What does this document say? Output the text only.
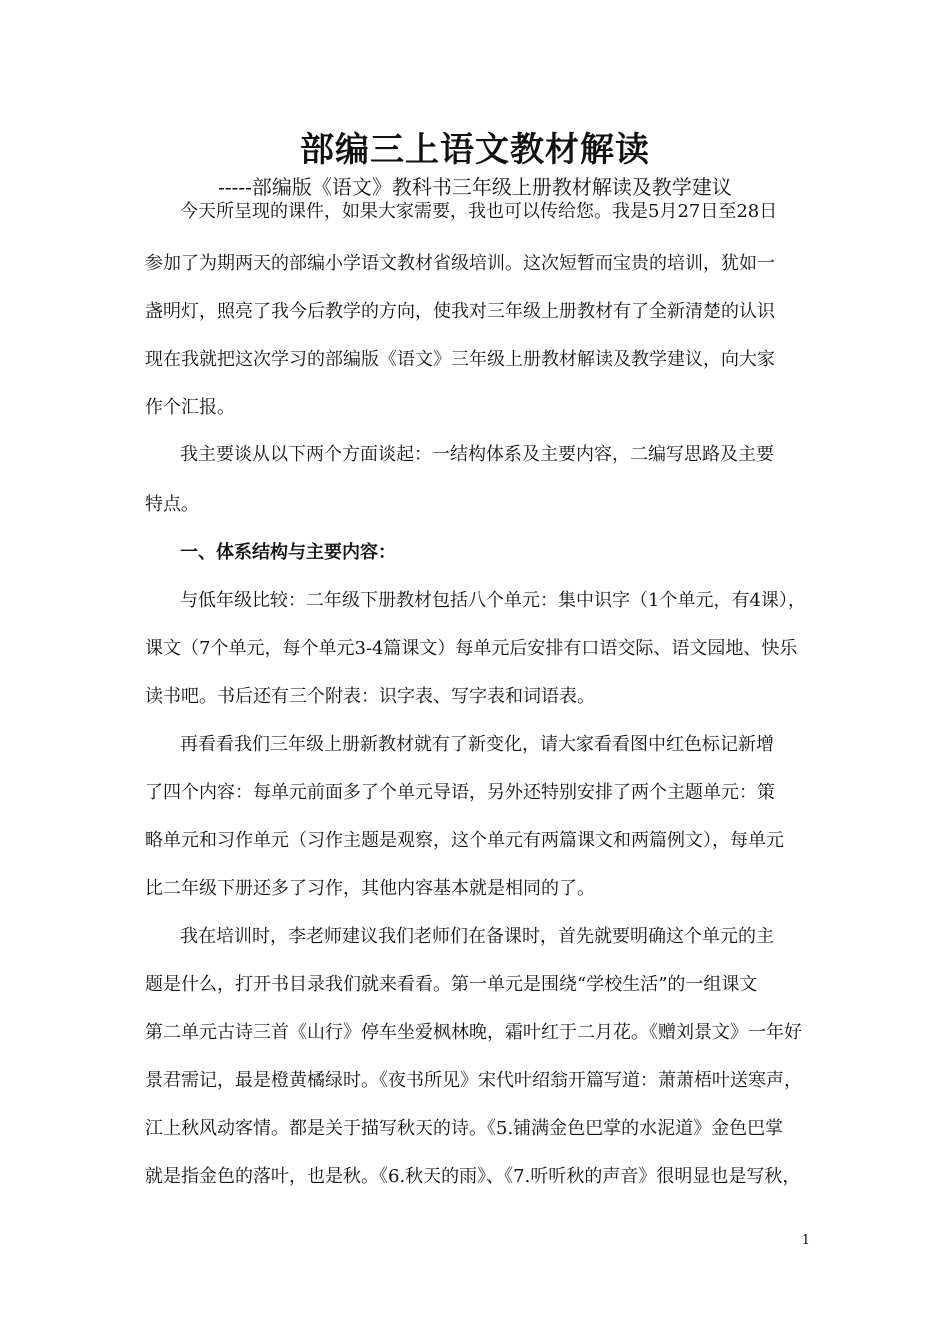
部编三上语文教材解读
-----部编版《语文》教科书三年级上册教材解读及教学建议
今天所呈现的课件，如果大家需要，我也可以传给您。我是5月27日至28日
参加了为期两天的部编小学语文教材省级培训。这次短暂而宝贵的培训，犹如一
盏明灯，照亮了我今后教学的方向，使我对三年级上册教材有了全新清楚的认识
现在我就把这次学习的部编版《语文》三年级上册教材解读及教学建议，向大家
作个汇报。
我主要谈从以下两个方面谈起：一结构体系及主要内容，二编写思路及主要
特点。
一、体系结构与主要内容：
与低年级比较：二年级下册教材包括八个单元：集中识字（1个单元，有4课），
课文（7个单元，每个单元3-4篇课文）每单元后安排有口语交际、语文园地、快乐
读书吧。书后还有三个附表：识字表、写字表和词语表。
再看看我们三年级上册新教材就有了新变化，请大家看看图中红色标记新增
了四个内容：每单元前面多了个单元导语，另外还特别安排了两个主题单元：策
略单元和习作单元（习作主题是观察，这个单元有两篇课文和两篇例文），每单元
比二年级下册还多了习作，其他内容基本就是相同的了。
我在培训时，李老师建议我们老师们在备课时，首先就要明确这个单元的主
题是什么，打开书目录我们就来看看。第一单元是围绕“学校生活”的一组课文
第二单元古诗三首《山行》停车坐爱枫林晚，霜叶红于二月花。《赠刘景文》一年好
景君需记，最是橙黄橘绿时。《夜书所见》宋代叶绍翁开篇写道：萧萧梧叶送寒声，
江上秋风动客情。都是关于描写秋天的诗。《5.铺满金色巴掌的水泥道》金色巴掌
就是指金色的落叶，也是秋。《6.秋天的雨》、《7.听听秋的声音》很明显也是写秋，
1
